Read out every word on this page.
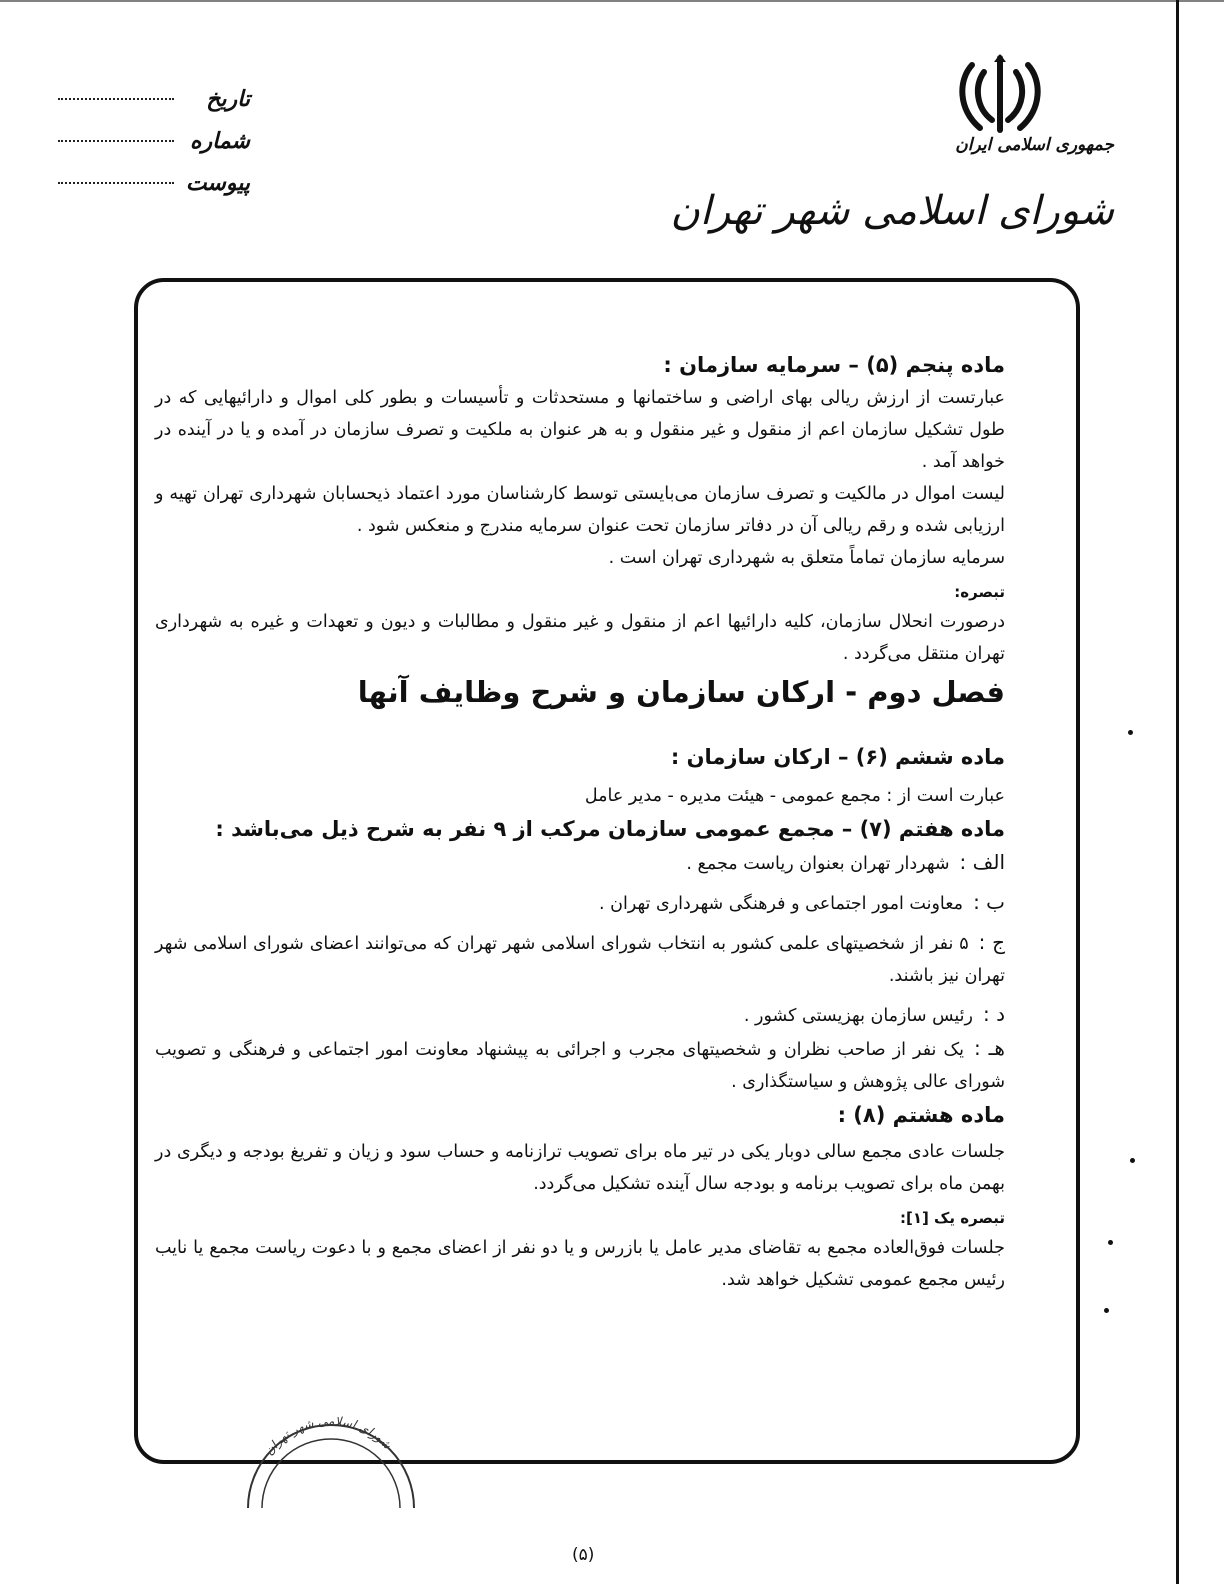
تاریخ
شماره
پیوست
جمهوری اسلامی ایران
شورای اسلامی شهر تهران

ماده پنجم (۵) – سرمایه سازمان :

عبارتست از ارزش ریالی بهای اراضی و ساختمانها و مستحدثات و تأسیسات و بطور کلی اموال و دارائیهایی که در طول تشکیل سازمان اعم از منقول و غیر منقول و به هر عنوان به ملکیت و تصرف سازمان در آمده و یا در آینده در خواهد آمد .

لیست اموال در مالکیت و تصرف سازمان می‌بایستی توسط کارشناسان مورد اعتماد ذیحسابان شهرداری تهران تهیه و ارزیابی شده و رقم ریالی آن در دفاتر سازمان تحت عنوان سرمایه مندرج و منعکس شود .

سرمایه سازمان تماماً متعلق به شهرداری تهران است .

تبصره:

درصورت انحلال سازمان، کلیه دارائیها اعم از منقول و غیر منقول و مطالبات و دیون و تعهدات و غیره به شهرداری تهران منتقل می‌گردد .

فصل دوم - ارکان سازمان و شرح وظایف آنها

ماده ششم (۶) – ارکان سازمان :

عبارت است از : مجمع عمومی - هیئت مدیره - مدیر عامل

ماده هفتم (۷) – مجمع عمومی سازمان مرکب از ۹ نفر به شرح ذیل می‌باشد :

الف :شهردار تهران بعنوان ریاست مجمع .

ب :معاونت امور اجتماعی و فرهنگی شهرداری تهران .

ج :۵ نفر از شخصیتهای علمی کشور به انتخاب شورای اسلامی شهر تهران که می‌توانند اعضای شورای اسلامی شهر تهران نیز باشند.

د :رئیس سازمان بهزیستی کشور .

هـ :یک نفر از صاحب نظران و شخصیتهای مجرب و اجرائی به پیشنهاد معاونت امور اجتماعی و فرهنگی و تصویب شورای عالی پژوهش و سیاستگذاری .

ماده هشتم (۸) :

جلسات عادی مجمع سالی دوبار یکی در تیر ماه برای تصویب ترازنامه و حساب سود و زیان و تفریغ بودجه و دیگری در بهمن ماه برای تصویب برنامه و بودجه سال آینده تشکیل می‌گردد.

تبصره یک [۱]:

جلسات فوق‌العاده مجمع به تقاضای مدیر عامل یا بازرس و یا دو نفر از اعضای مجمع و با دعوت ریاست مجمع یا نایب رئیس مجمع عمومی تشکیل خواهد شد.

شورای اسلامی شهر تهران
(۵)
